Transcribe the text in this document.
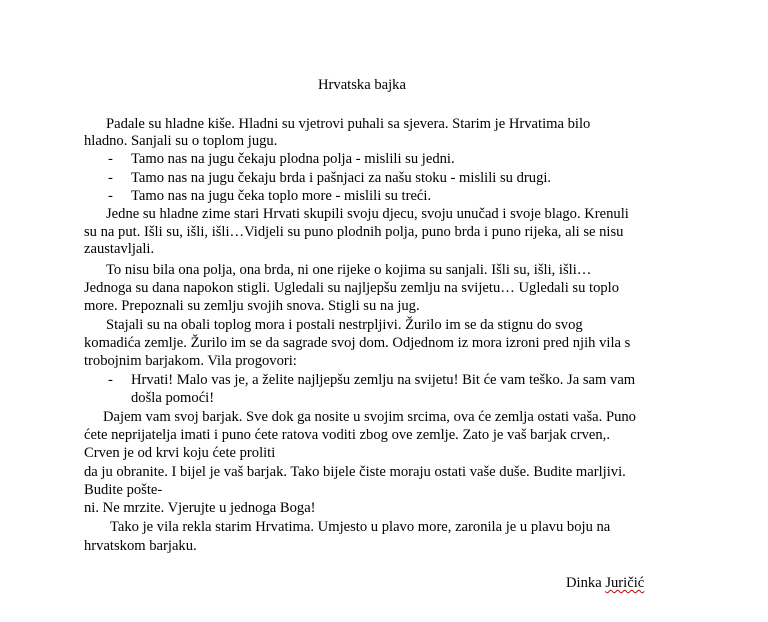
Hrvatska bajka
Padale su hladne kiše. Hladni su vjetrovi puhali sa sjevera. Starim je Hrvatima bilo
hladno. Sanjali su o toplom jugu.
- Tamo nas na jugu čekaju plodna polja - mislili su jedni.
- Tamo nas na jugu čekaju brda i pašnjaci za našu stoku - mislili su drugi.
- Tamo nas na jugu čeka toplo more - mislili su treći.
Jedne su hladne zime stari Hrvati skupili svoju djecu, svoju unučad i svoje blago. Krenuli
su na put. Išli su, išli, išli…Vidjeli su puno plodnih polja, puno brda i puno rijeka, ali se nisu
zaustavljali.
To nisu bila ona polja, ona brda, ni one rijeke o kojima su sanjali. Išli su, išli, išli…
Jednoga su dana napokon stigli. Ugledali su najljepšu zemlju na svijetu… Ugledali su toplo
more. Prepoznali su zemlju svojih snova. Stigli su na jug.
Stajali su na obali toplog mora i postali nestrpljivi. Žurilo im se da stignu do svog
komadića zemlje. Žurilo im se da sagrade svoj dom. Odjednom iz mora izroni pred njih vila s
trobojnim barjakom. Vila progovori:
- Hrvati! Malo vas je, a želite najljepšu zemlju na svijetu! Bit će vam teško. Ja sam vam
došla pomoći!
Dajem vam svoj barjak. Sve dok ga nosite u svojim srcima, ova će zemlja ostati vaša. Puno
ćete neprijatelja imati i puno ćete ratova voditi zbog ove zemlje. Zato je vaš barjak crven,.
Crven je od krvi koju ćete proliti
da ju obranite. I bijel je vaš barjak. Tako bijele čiste moraju ostati vaše duše. Budite marljivi.
Budite pošte-
ni. Ne mrzite. Vjerujte u jednoga Boga!
Tako je vila rekla starim Hrvatima. Umjesto u plavo more, zaronila je u plavu boju na
hrvatskom barjaku.
Dinka Juričić
